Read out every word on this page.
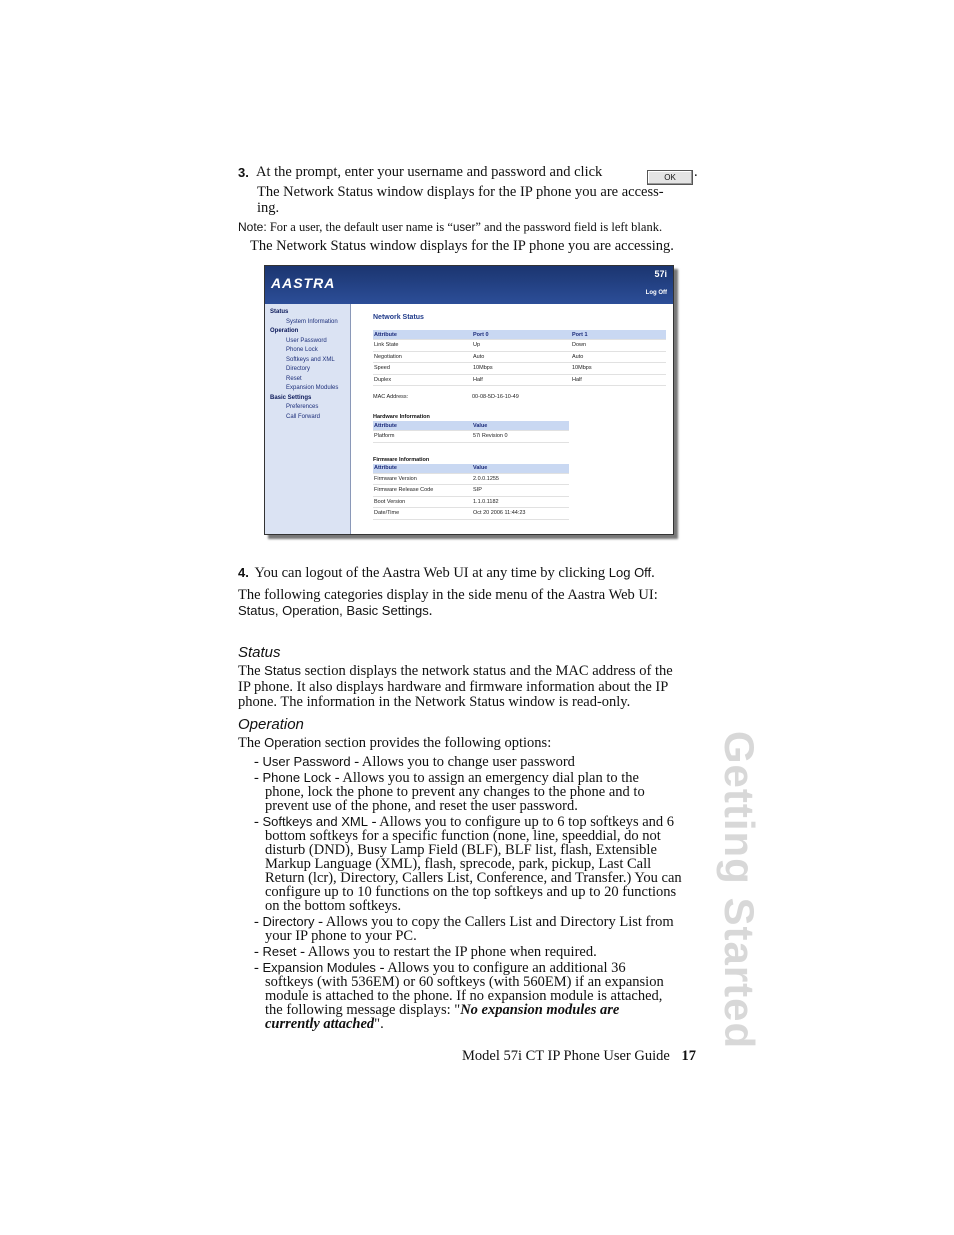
3. At the prompt, enter your username and password and click	OK	.
The Network Status window displays for the IP phone you are access-
ing.
Note: For a user, the default user name is “user” and the password field is left blank.
The Network Status window displays for the IP phone you are accessing.
AASTRA
57i
Log Off
Status
System Information
Operation
User Password
Phone Lock
Softkeys and XML
Directory
Reset
Expansion Modules
Basic Settings
Preferences
Call Forward
Network Status
Attribute	Port 0	Port 1
Link State	Up	Down
Negotiation	Auto	Auto
Speed	10Mbps	10Mbps
Duplex	Half	Half
MAC Address:	00-08-5D-16-10-49
Hardware Information
Attribute	Value
Platform	57i Revision 0
Firmware Information
Attribute	Value
Firmware Version	2.0.0.1255
Firmware Release Code	SIP
Boot Version	1.1.0.1182
Date/Time	Oct 20 2006 11:44:23
4. You can logout of the Aastra Web UI at any time by clicking Log Off.
The following categories display in the side menu of the Aastra Web UI:
Status, Operation, Basic Settings.
Status
The Status section displays the network status and the MAC address of the
IP phone. It also displays hardware and firmware information about the IP
phone. The information in the Network Status window is read-only.
Operation
The Operation section provides the following options:
- User Password - Allows you to change user password
- Phone Lock - Allows you to assign an emergency dial plan to the
phone, lock the phone to prevent any changes to the phone and to
prevent use of the phone, and reset the user password.
- Softkeys and XML - Allows you to configure up to 6 top softkeys and 6
bottom softkeys for a specific function (none, line, speeddial, do not
disturb (DND), Busy Lamp Field (BLF), BLF list, flash, Extensible
Markup Language (XML), flash, sprecode, park, pickup, Last Call
Return (lcr), Directory, Callers List, Conference, and Transfer.) You can
configure up to 10 functions on the top softkeys and up to 20 functions
on the bottom softkeys.
- Directory - Allows you to copy the Callers List and Directory List from
your IP phone to your PC.
- Reset - Allows you to restart the IP phone when required.
- Expansion Modules - Allows you to configure an additional 36
softkeys (with 536EM) or 60 softkeys (with 560EM) if an expansion
module is attached to the phone. If no expansion module is attached,
the following message displays: "No expansion modules are
currently attached".	Getting Started
Model 57i CT IP Phone User Guide 17
